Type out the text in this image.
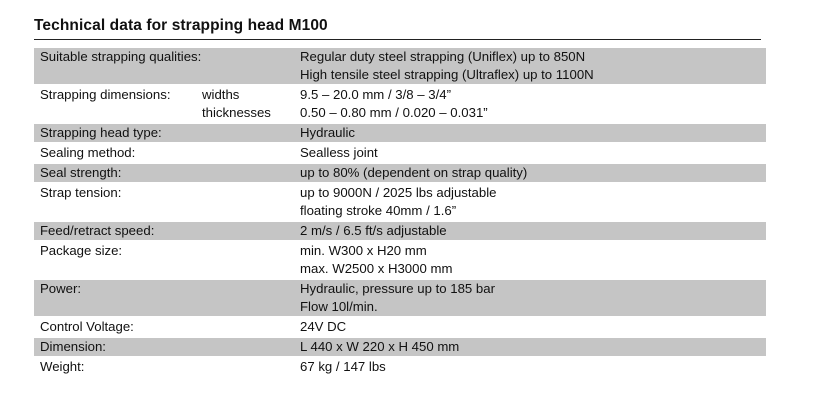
Technical data for strapping head M100
Suitable strapping qualities:	Regular duty steel strapping (Uniflex) up to 850N
High tensile steel strapping (Ultraflex) up to 1100N
Strapping dimensions: widths	9.5 – 20.0 mm / 3/8 – 3/4”
thicknesses 0.50 – 0.80 mm / 0.020 – 0.031”
Strapping head type:	Hydraulic
Sealing method:	Sealless joint
Seal strength:	up to 80% (dependent on strap quality)
Strap tension:	up to 9000N / 2025 lbs adjustable
floating stroke 40mm / 1.6”
Feed/retract speed:	2 m/s / 6.5 ft/s adjustable
Package size:	min. W300 x H20 mm
max. W2500 x H3000 mm
Power:	Hydraulic, pressure up to 185 bar
Flow 10l/min.
Control Voltage:	24V DC
Dimension:	L 440 x W 220 x H 450 mm
Weight:	67 kg / 147 lbs
